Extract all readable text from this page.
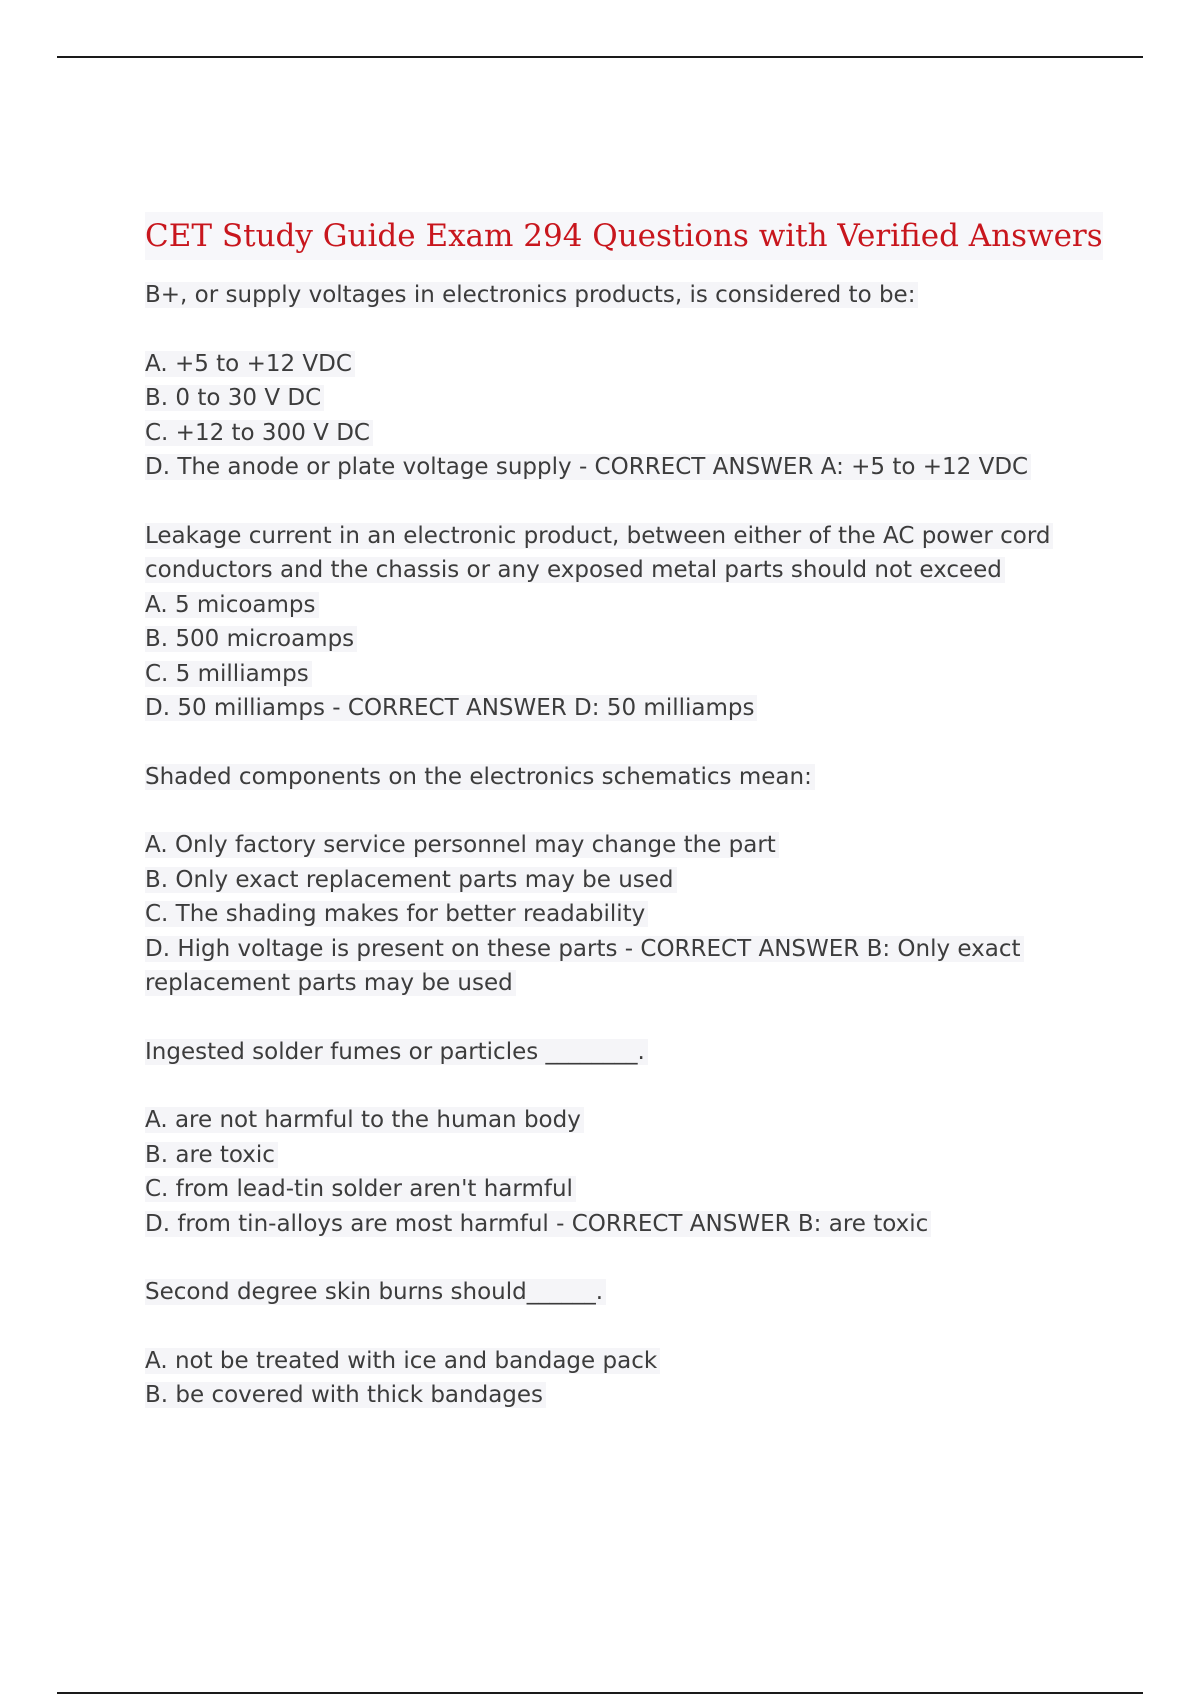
CET Study Guide Exam 294 Questions with Verified Answers
B+, or supply voltages in electronics products, is considered to be:
A. +5 to +12 VDC
B. 0 to 30 V DC
C. +12 to 300 V DC
D. The anode or plate voltage supply - CORRECT ANSWER A: +5 to +12 VDC
Leakage current in an electronic product, between either of the AC power cord
conductors and the chassis or any exposed metal parts should not exceed
A. 5 micoamps
B. 500 microamps
C. 5 milliamps
D. 50 milliamps - CORRECT ANSWER D: 50 milliamps
Shaded components on the electronics schematics mean:
A. Only factory service personnel may change the part
B. Only exact replacement parts may be used
C. The shading makes for better readability
D. High voltage is present on these parts - CORRECT ANSWER B: Only exact
replacement parts may be used
Ingested solder fumes or particles ________.
A. are not harmful to the human body
B. are toxic
C. from lead-tin solder aren't harmful
D. from tin-alloys are most harmful - CORRECT ANSWER B: are toxic
Second degree skin burns should______.
A. not be treated with ice and bandage pack
B. be covered with thick bandages
